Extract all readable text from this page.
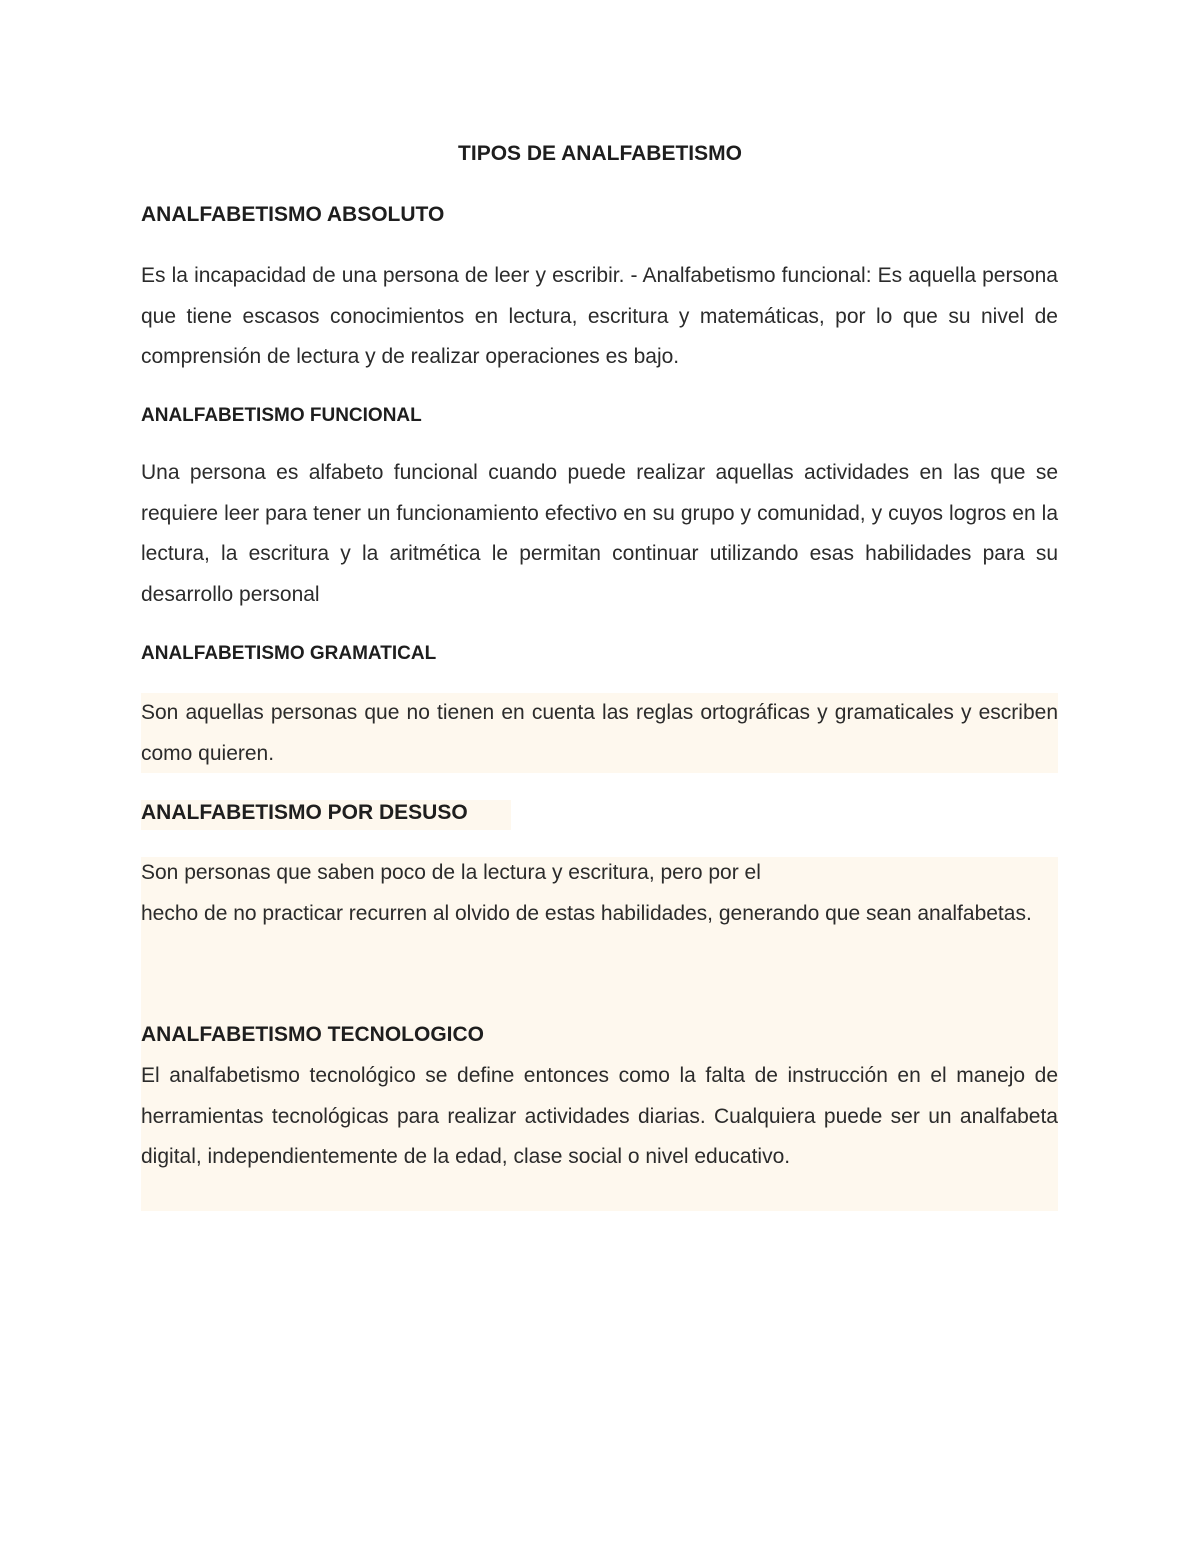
TIPOS DE ANALFABETISMO
ANALFABETISMO ABSOLUTO
Es la incapacidad de una persona de leer y escribir. - Analfabetismo funcional: Es aquella persona que tiene escasos conocimientos en lectura, escritura y matemáticas, por lo que su nivel de comprensión de lectura y de realizar operaciones es bajo.
ANALFABETISMO FUNCIONAL
Una persona es alfabeto funcional cuando puede realizar aquellas actividades en las que se requiere leer para tener un funcionamiento efectivo en su grupo y comunidad, y cuyos logros en la lectura, la escritura y la aritmética le permitan continuar utilizando esas habilidades para su desarrollo personal
ANALFABETISMO GRAMATICAL
Son aquellas personas que no tienen en cuenta las reglas ortográficas y gramaticales y escriben como quieren.
ANALFABETISMO POR DESUSO
Son personas que saben poco de la lectura y escritura, pero por el
hecho de no practicar recurren al olvido de estas habilidades, generando que sean analfabetas.
ANALFABETISMO TECNOLOGICO
El analfabetismo tecnológico se define entonces como la falta de instrucción en el manejo de herramientas tecnológicas para realizar actividades diarias. Cualquiera puede ser un analfabeta digital, independientemente de la edad, clase social o nivel educativo.
